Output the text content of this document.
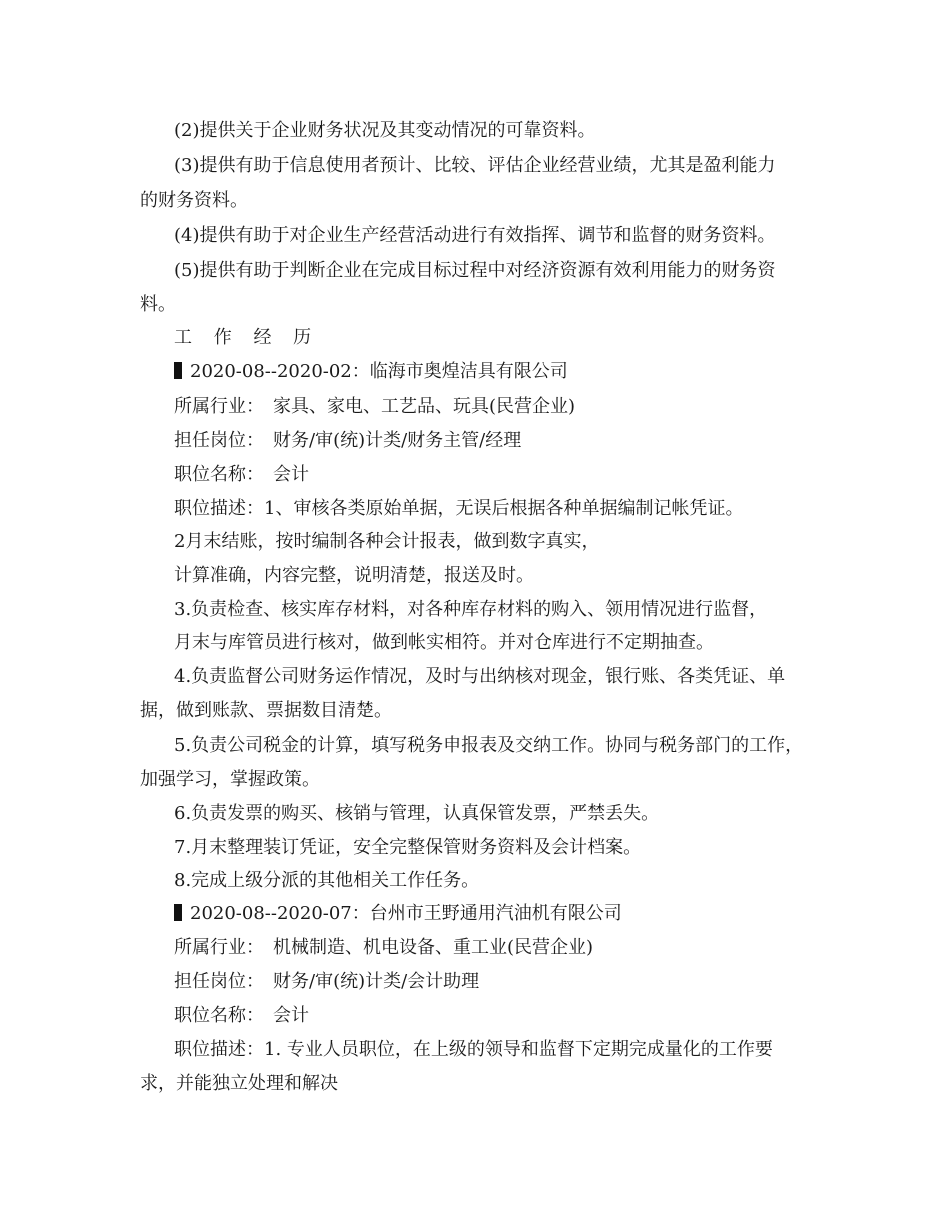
(2)提供关于企业财务状况及其变动情况的可靠资料。
(3)提供有助于信息使用者预计、比较、评估企业经营业绩，尤其是盈利能力
的财务资料。
(4)提供有助于对企业生产经营活动进行有效指挥、调节和监督的财务资料。
(5)提供有助于判断企业在完成目标过程中对经济资源有效利用能力的财务资
料。
工 作 经 历
2020-08--2020-02：临海市奥煌洁具有限公司
所属行业：　家具、家电、工艺品、玩具(民营企业)
担任岗位：　财务/审(统)计类/财务主管/经理
职位名称：　会计
职位描述：1、审核各类原始单据，无误后根据各种单据编制记帐凭证。
2月末结账，按时编制各种会计报表，做到数字真实，
计算准确，内容完整，说明清楚，报送及时。
3.负责检查、核实库存材料，对各种库存材料的购入、领用情况进行监督，
月末与库管员进行核对，做到帐实相符。并对仓库进行不定期抽查。
4.负责监督公司财务运作情况，及时与出纳核对现金，银行账、各类凭证、单
据，做到账款、票据数目清楚。
5.负责公司税金的计算，填写税务申报表及交纳工作。协同与税务部门的工作，
加强学习，掌握政策。
6.负责发票的购买、核销与管理，认真保管发票，严禁丢失。
7.月末整理装订凭证，安全完整保管财务资料及会计档案。
8.完成上级分派的其他相关工作任务。
2020-08--2020-07：台州市王野通用汽油机有限公司
所属行业：　机械制造、机电设备、重工业(民营企业)
担任岗位：　财务/审(统)计类/会计助理
职位名称：　会计
职位描述：1. 专业人员职位，在上级的领导和监督下定期完成量化的工作要
求，并能独立处理和解决
